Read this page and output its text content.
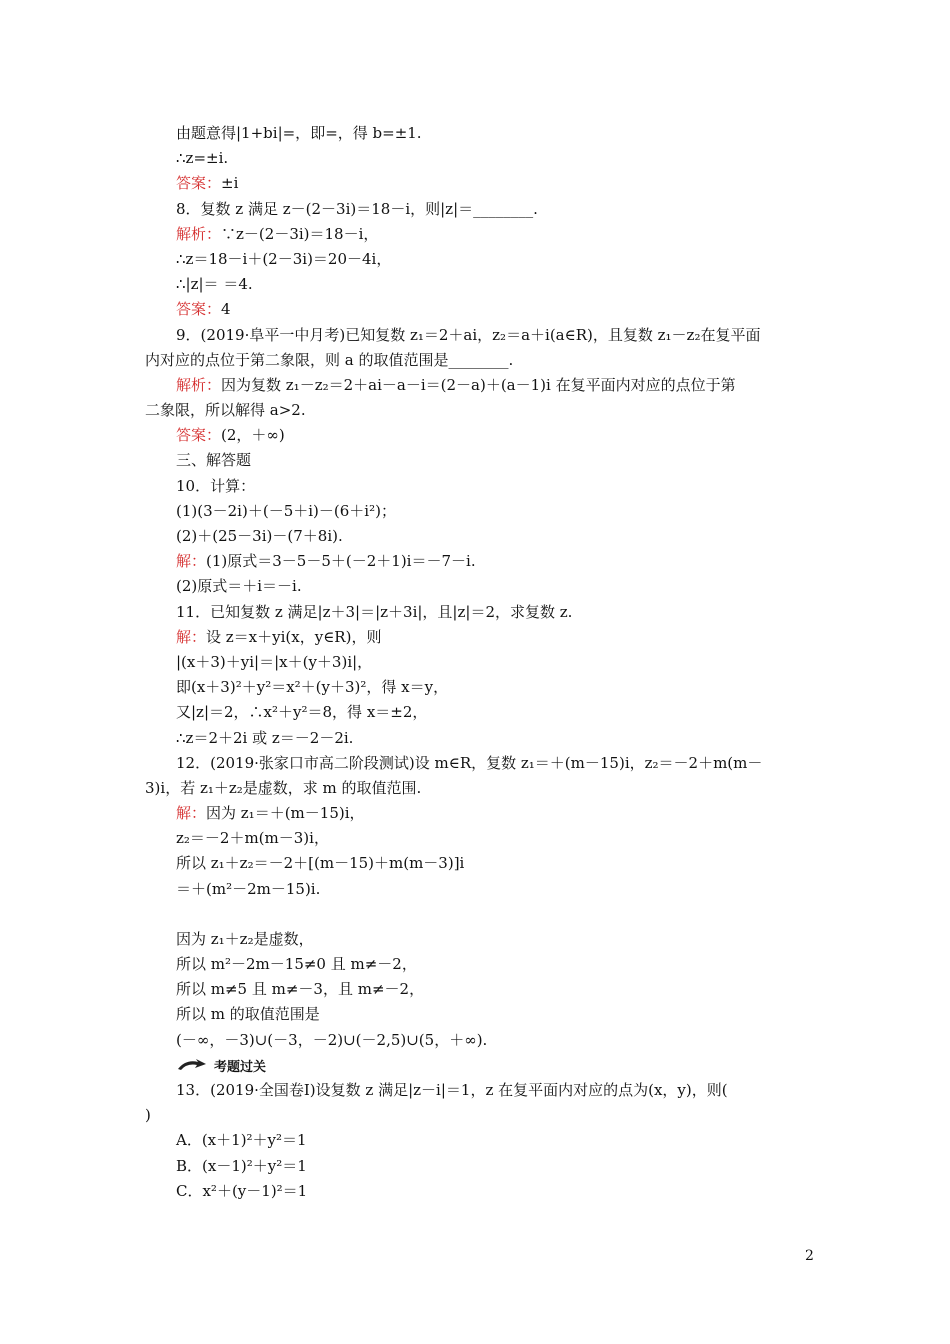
由题意得|1+bi|=，即=，得 b=±1.
∴z=±i.
答案：±i
8．复数 z 满足 z－(2－3i)＝18－i，则|z|＝________.
解析：∵z－(2－3i)＝18－i，
∴z＝18－i＋(2－3i)＝20－4i，
∴|z|＝ ＝4.
答案：4
9．(2019·阜平一中月考)已知复数 z₁＝2＋ai，z₂＝a＋i(a∈R)，且复数 z₁－z₂在复平面
内对应的点位于第二象限，则 a 的取值范围是________.
解析：因为复数 z₁－z₂＝2＋ai－a－i＝(2－a)＋(a－1)i 在复平面内对应的点位于第
二象限，所以解得 a>2.
答案：(2，＋∞)
三、解答题
10．计算：
(1)(3－2i)＋(－5＋i)－(6＋i²)；
(2)＋(25－3i)－(7＋8i).
解：(1)原式＝3－5－5＋(－2＋1)i＝－7－i.
(2)原式＝＋i＝－i.
11．已知复数 z 满足|z＋3|＝|z＋3i|，且|z|＝2，求复数 z.
解：设 z＝x＋yi(x，y∈R)，则
|(x＋3)＋yi|＝|x＋(y＋3)i|，
即(x＋3)²＋y²＝x²＋(y＋3)²，得 x＝y，
又|z|＝2，∴x²＋y²＝8，得 x＝±2，
∴z＝2＋2i 或 z＝－2－2i.
12．(2019·张家口市高二阶段测试)设 m∈R，复数 z₁＝＋(m－15)i，z₂＝－2＋m(m－
3)i，若 z₁＋z₂是虚数，求 m 的取值范围.
解：因为 z₁＝＋(m－15)i，
z₂＝－2＋m(m－3)i，
所以 z₁＋z₂＝－2＋[(m－15)＋m(m－3)]i
＝＋(m²－2m－15)i.
因为 z₁＋z₂是虚数，
所以 m²－2m－15≠0 且 m≠－2，
所以 m≠5 且 m≠－3，且 m≠－2，
所以 m 的取值范围是
(－∞，－3)∪(－3，－2)∪(－2,5)∪(5，＋∞).
考题过关
13．(2019·全国卷Ⅰ)设复数 z 满足|z－i|＝1，z 在复平面内对应的点为(x，y)，则(
)
A．(x＋1)²＋y²＝1
B．(x－1)²＋y²＝1
C．x²＋(y－1)²＝1
2
